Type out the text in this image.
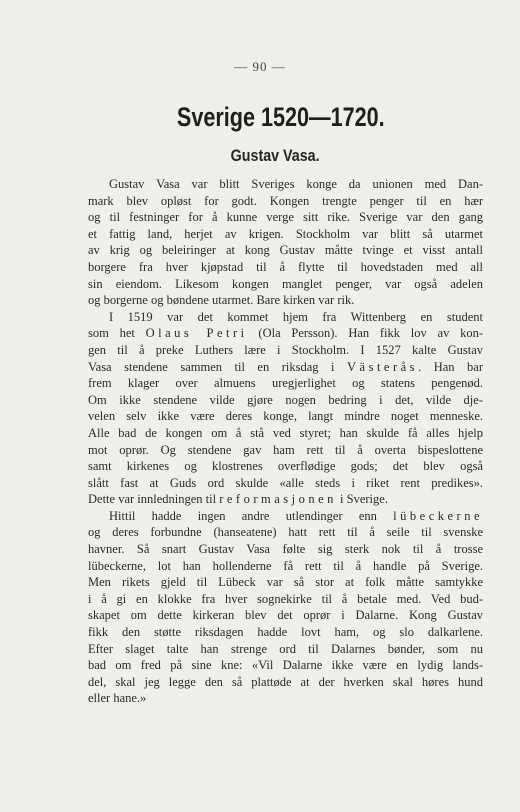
— 90 —
Sverige 1520—1720.
Gustav Vasa.
Gustav Vasa var blitt Sveriges konge da unionen med Dan-
mark blev opløst for godt. Kongen trengte penger til en hær
og til festninger for å kunne verge sitt rike. Sverige var den gang
et fattig land, herjet av krigen. Stockholm var blitt så utarmet
av krig og beleiringer at kong Gustav måtte tvinge et visst antall
borgere fra hver kjøpstad til å flytte til hovedstaden med all
sin eiendom. Likesom kongen manglet penger, var også adelen
og borgerne og bøndene utarmet. Bare kirken var rik.
I 1519 var det kommet hjem fra Wittenberg en student
som het Olaus Petri (Ola Persson). Han fikk lov av kon-
gen til å preke Luthers lære i Stockholm. I 1527 kalte Gustav
Vasa stendene sammen til en riksdag i Västerås. Han bar
frem klager over almuens uregjerlighet og statens pengenød.
Om ikke stendene vilde gjøre nogen bedring i det, vilde dje-
velen selv ikke være deres konge, langt mindre noget menneske.
Alle bad de kongen om å stå ved styret; han skulde få alles hjelp
mot oprør. Og stendene gav ham rett til å overta bispeslottene
samt kirkenes og klostrenes overflødige gods; det blev også
slått fast at Guds ord skulde «alle steds i riket rent predikes».
Dette var innledningen til reformasjonen i Sverige.
Hittil hadde ingen andre utlendinger enn lübeckerne
og deres forbundne (hanseatene) hatt rett til å seile til svenske
havner. Så snart Gustav Vasa følte sig sterk nok til å trosse
lübeckerne, lot han hollenderne få rett til å handle på Sverige.
Men rikets gjeld til Lübeck var så stor at folk måtte samtykke
i å gi en klokke fra hver sognekirke til å betale med. Ved bud-
skapet om dette kirkeran blev det oprør i Dalarne. Kong Gustav
fikk den støtte riksdagen hadde lovt ham, og slo dalkarlene.
Efter slaget talte han strenge ord til Dalarnes bønder, som nu
bad om fred på sine kne: «Vil Dalarne ikke være en lydig lands-
del, skal jeg legge den så plattøde at der hverken skal høres hund
eller hane.»
